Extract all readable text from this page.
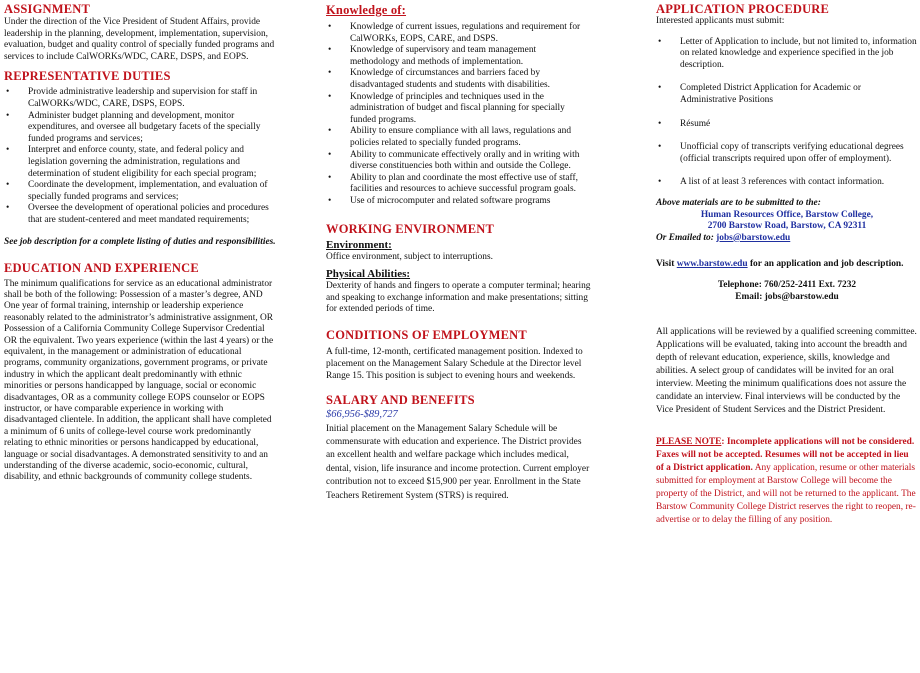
ASSIGNMENT

Under the direction of the Vice President of Student Affairs, provide leadership in the planning, development, implementation, supervision, evaluation, budget and quality control of specially funded programs and services to include CalWORKs/WDC, CARE, DSPS, and EOPS.

REPRESENTATIVE DUTIES
• Provide administrative leadership and supervision for staff in CalWORKs/WDC, CARE, DSPS, EOPS.
• Administer budget planning and development, monitor expenditures, and oversee all budgetary facets of the specially funded programs and services;
• Interpret and enforce county, state, and federal policy and legislation governing the administration, regulations and determination of student eligibility for each special program;
• Coordinate the development, implementation, and evaluation of specially funded programs and services;
• Oversee the development of operational policies and procedures that are student-centered and meet mandated requirements;

See job description for a complete listing of duties and responsibilities.

EDUCATION AND EXPERIENCE

The minimum qualifications for service as an educational administrator shall be both of the following: Possession of a master’s degree, AND One year of formal training, internship or leadership experience reasonably related to the administrator’s administrative assignment, OR Possession of a California Community College Supervisor Credential OR the equivalent. Two years experience (within the last 4 years) or the equivalent, in the management or administration of educational programs, community organizations, government programs, or private industry in which the applicant dealt predominantly with ethnic minorities or persons handicapped by language, social or economic disadvantages, OR as a community college EOPS counselor or EOPS instructor, or have comparable experience in working with disadvantaged clientele. In addition, the applicant shall have completed a minimum of 6 units of college-level course work predominantly relating to ethnic minorities or persons handicapped by educational, language or social disadvantages. A demonstrated sensitivity to and an understanding of the diverse academic, socio-economic, cultural, disability, and ethnic backgrounds of community college students.

Knowledge of:
• Knowledge of current issues, regulations and requirement for CalWORKs, EOPS, CARE, and DSPS.
• Knowledge of supervisory and team management methodology and methods of implementation.
• Knowledge of circumstances and barriers faced by disadvantaged students and students with disabilities.
• Knowledge of principles and techniques used in the administration of budget and fiscal planning for specially funded programs.
• Ability to ensure compliance with all laws, regulations and policies related to specially funded programs.
• Ability to communicate effectively orally and in writing with diverse constituencies both within and outside the College.
• Ability to plan and coordinate the most effective use of staff, facilities and resources to achieve successful program goals.
• Use of microcomputer and related software programs
WORKING ENVIRONMENT

Environment:

Office environment, subject to interruptions.

Physical Abilities:

Dexterity of hands and fingers to operate a computer terminal; hearing and speaking to exchange information and make presentations; sitting for extended periods of time.

CONDITIONS OF EMPLOYMENT

A full-time, 12-month, certificated management position. Indexed to placement on the Management Salary Schedule at the Director level Range 15. This position is subject to evening hours and weekends.

SALARY AND BENEFITS

$66,956-$89,727

Initial placement on the Management Salary Schedule will be commensurate with education and experience. The District provides an excellent health and welfare package which includes medical, dental, vision, life insurance and income protection. Current employer contribution not to exceed $15,900 per year. Enrollment in the State Teachers Retirement System (STRS) is required.

APPLICATION PROCEDURE

Interested applicants must submit:

• Letter of Application to include, but not limited to, information on related knowledge and experience specified in the job description.
• Completed District Application for Academic or Administrative Positions
• Résumé
• Unofficial copy of transcripts verifying educational degrees (official transcripts required upon offer of employment).
• A list of at least 3 references with contact information.

Above materials are to be submitted to the:

Human Resources Office, Barstow College,

2700 Barstow Road, Barstow, CA 92311

Or Emailed to: jobs@barstow.edu

Visit www.barstow.edu for an application and job description.

Telephone: 760/252-2411 Ext. 7232

Email: jobs@barstow.edu

All applications will be reviewed by a qualified screening committee. Applications will be evaluated, taking into account the breadth and depth of relevant education, experience, skills, knowledge and abilities. A select group of candidates will be invited for an oral interview. Meeting the minimum qualifications does not assure the candidate an interview. Final interviews will be conducted by the Vice President of Student Services and the District President.

PLEASE NOTE: Incomplete applications will not be considered. Faxes will not be accepted. Resumes will not be accepted in lieu of a District application. Any application, resume or other materials submitted for employment at Barstow College will become the property of the District, and will not be returned to the applicant. The Barstow Community College District reserves the right to reopen, re-advertise or to delay the filling of any position.
